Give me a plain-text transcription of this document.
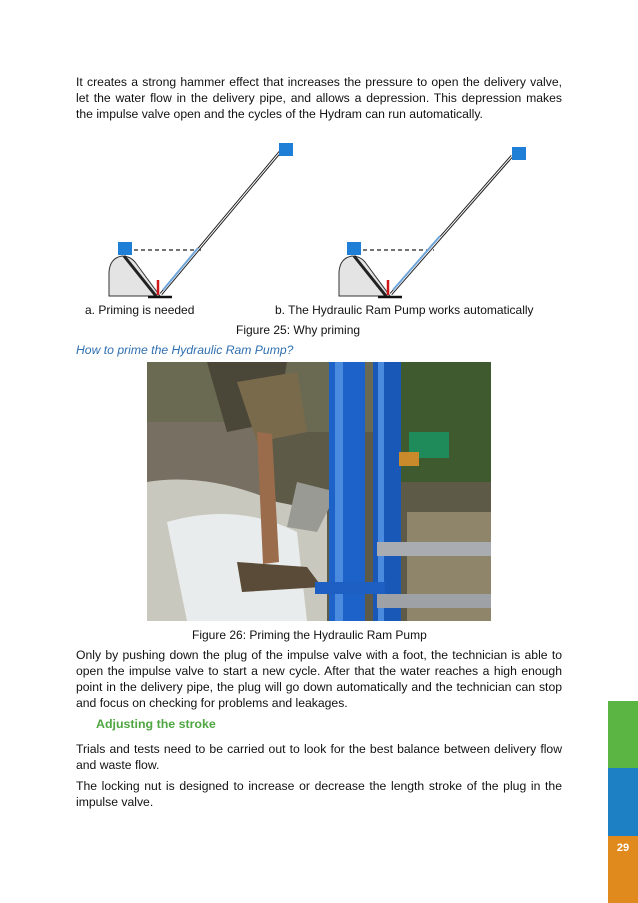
It creates a strong hammer effect that increases the pressure to open the delivery valve, let the water flow in the delivery pipe, and allows a depression. This depression makes the impulse valve open and the cycles of the Hydram can run automatically.

a. Priming is needed	b. The Hydraulic Ram Pump works automatically
Figure 25: Why priming
How to prime the Hydraulic Ram Pump?
Figure 26: Priming the Hydraulic Ram Pump

Only by pushing down the plug of the impulse valve with a foot, the technician is able to open the impulse valve to start a new cycle. After that the water reaches a high enough point in the delivery pipe, the plug will go down automatically and the technician can stop and focus on checking for problems and leakages.

Adjusting the stroke

Trials and tests need to be carried out to look for the best balance between delivery flow and waste flow.

The locking nut is designed to increase or decrease the length stroke of the plug in the impulse valve.

29
